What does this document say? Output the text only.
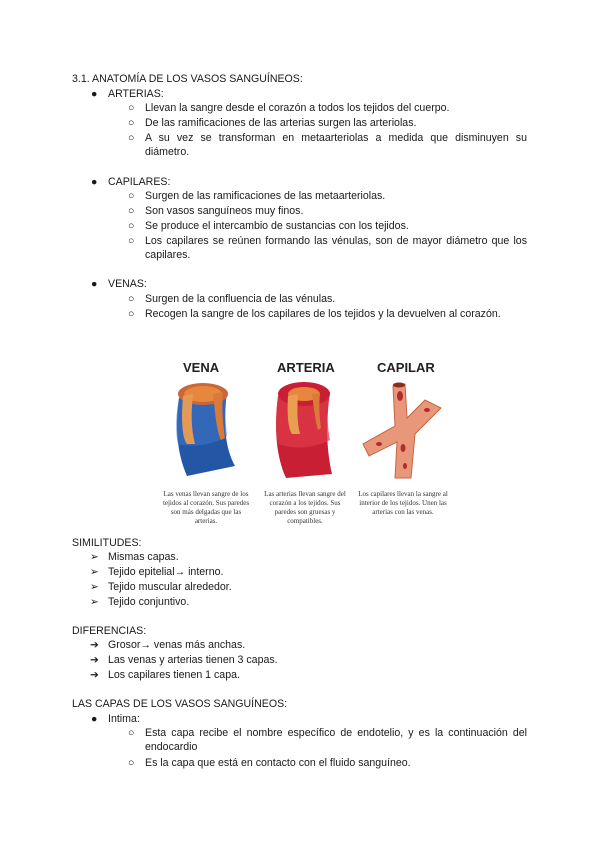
3.1. ANATOMÍA DE LOS VASOS SANGUÍNEOS:
● ARTERIAS:
○ Llevan la sangre desde el corazón a todos los tejidos del cuerpo.
○ De las ramificaciones de las arterias surgen las arteriolas.
○ A su vez se transforman en metaarteriolas a medida que disminuyen su diámetro.
● CAPILARES:
○ Surgen de las ramificaciones de las metaarteriolas.
○ Son vasos sanguíneos muy finos.
○ Se produce el intercambio de sustancias con los tejidos.
○ Los capilares se reúnen formando las vénulas, son de mayor diámetro que los capilares.
● VENAS:
○ Surgen de la confluencia de las vénulas.
○ Recogen la sangre de los capilares de los tejidos y la devuelven al corazón.
VENA	ARTERIA	CAPILAR
Las venas llevan sangre de los tejidos al corazón. Sus paredes son más delgadas que las arterias.
Las arterias llevan sangre del corazón a los tejidos. Sus paredes son gruesas y compatibles.
Los capilares llevan la sangre al interior de los tejidos. Unen las arterias con las venas.
SIMILITUDES:
➢ Mismas capas.
➢ Tejido epitelial→ interno.
➢ Tejido muscular alrededor.
➢ Tejido conjuntivo.
DIFERENCIAS:
➔ Grosor→ venas más anchas.
➔ Las venas y arterias tienen 3 capas.
➔ Los capilares tienen 1 capa.
LAS CAPAS DE LOS VASOS SANGUÍNEOS:
● Intima:
○ Esta capa recibe el nombre específico de endotelio, y es la continuación del endocardio
○ Es la capa que está en contacto con el fluido sanguíneo.
